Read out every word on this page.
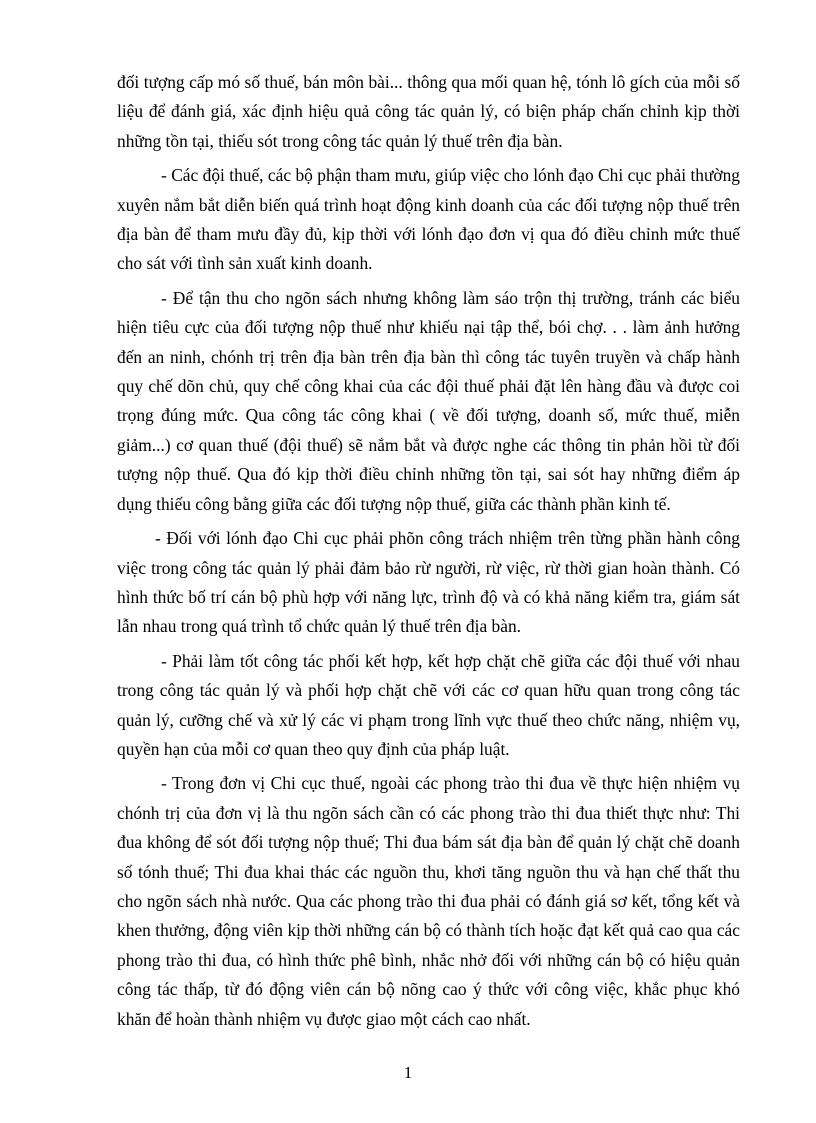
đối tượng cấp mó số thuế, bán môn bài... thông qua mối quan hệ, tónh lô gích của mỗi số liệu để đánh giá, xác định hiệu quả công tác quản lý, có biện pháp chấn chỉnh kịp thời những tồn tại, thiếu sót trong công tác quản lý thuế trên địa bàn.

- Các đội thuế, các bộ phận tham mưu, giúp việc cho lónh đạo Chi cục phải thường xuyên nắm bắt diễn biến quá trình hoạt động kinh doanh của các đối tượng nộp thuế trên địa bàn để tham mưu đầy đủ, kịp thời với lónh đạo đơn vị qua đó điều chỉnh mức thuế cho sát với tình sản xuất kinh doanh.

- Để tận thu cho ngõn sách nhưng không làm sáo trộn thị trường, tránh các biểu hiện tiêu cực của đối tượng nộp thuế như khiếu nại tập thể, bói chợ. . . làm ảnh hưởng đến an ninh, chónh trị trên địa bàn trên địa bàn thì công tác tuyên truyền và chấp hành quy chế dõn chủ, quy chế công khai của các đội thuế phải đặt lên hàng đầu và được coi trọng đúng mức. Qua công tác công khai ( về đối tượng, doanh số, mức thuế, miễn giảm...) cơ quan thuế (đội thuế) sẽ nắm bắt và được nghe các thông tin phản hồi từ đối tượng nộp thuế. Qua đó kịp thời điều chỉnh những tồn tại, sai sót hay những điểm áp dụng thiếu công bằng giữa các đối tượng nộp thuế, giữa các thành phần kinh tế.

- Đối với lónh đạo Chi cục phải phõn công trách nhiệm trên từng phần hành công việc trong công tác quản lý phải đảm bảo rừ người, rừ việc, rừ thời gian hoàn thành. Có hình thức bố trí cán bộ phù hợp với năng lực, trình độ và có khả năng kiểm tra, giám sát lẫn nhau trong quá trình tổ chức quản lý thuế trên địa bàn.

- Phải làm tốt công tác phối kết hợp, kết hợp chặt chẽ giữa các đội thuế với nhau trong công tác quản lý và phối hợp chặt chẽ với các cơ quan hữu quan trong công tác quản lý, cưỡng chế và xử lý các vi phạm trong lĩnh vực thuế theo chức năng, nhiệm vụ, quyền hạn của mỗi cơ quan theo quy định của pháp luật.

- Trong đơn vị Chi cục thuế, ngoài các phong trào thi đua về thực hiện nhiệm vụ chónh trị của đơn vị là thu ngõn sách cần có các phong trào thi đua thiết thực như: Thi đua không để sót đối tượng nộp thuế; Thi đua bám sát địa bàn để quản lý chặt chẽ doanh số tónh thuế; Thi đua khai thác các nguồn thu, khơi tăng nguồn thu và hạn chế thất thu cho ngõn sách nhà nước. Qua các phong trào thi đua phải có đánh giá sơ kết, tổng kết và khen thưởng, động viên kịp thời những cán bộ có thành tích hoặc đạt kết quả cao qua các phong trào thi đua, có hình thức phê bình, nhắc nhở đối với những cán bộ có hiệu quản công tác thấp, từ đó động viên cán bộ nõng cao ý thức với công việc, khắc phục khó khăn để hoàn thành nhiệm vụ được giao một cách cao nhất.

1
